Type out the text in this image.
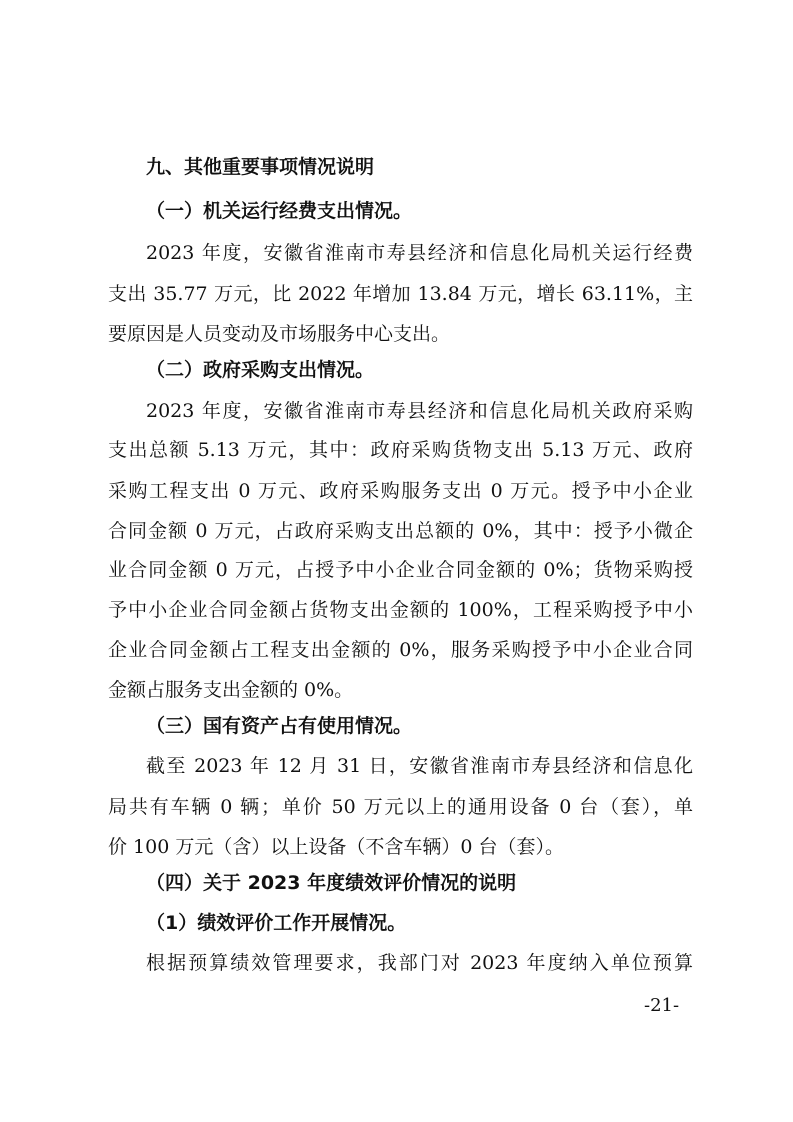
九、其他重要事项情况说明
（一）机关运行经费支出情况。
2023 年度，安徽省淮南市寿县经济和信息化局机关运行经费
支出 35.77 万元，比 2022 年增加 13.84 万元，增长 63.11%，主
要原因是人员变动及市场服务中心支出。
（二）政府采购支出情况。
2023 年度，安徽省淮南市寿县经济和信息化局机关政府采购
支出总额 5.13 万元，其中：政府采购货物支出 5.13 万元、政府
采购工程支出 0 万元、政府采购服务支出 0 万元。授予中小企业
合同金额 0 万元，占政府采购支出总额的 0%，其中：授予小微企
业合同金额 0 万元，占授予中小企业合同金额的 0%；货物采购授
予中小企业合同金额占货物支出金额的 100%，工程采购授予中小
企业合同金额占工程支出金额的 0%，服务采购授予中小企业合同
金额占服务支出金额的 0%。
（三）国有资产占有使用情况。
截至 2023 年 12 月 31 日，安徽省淮南市寿县经济和信息化
局共有车辆 0 辆；单价 50 万元以上的通用设备 0 台（套），单
价 100 万元（含）以上设备（不含车辆）0 台（套）。
（四）关于 2023 年度绩效评价情况的说明
（1）绩效评价工作开展情况。
根据预算绩效管理要求，我部门对 2023 年度纳入单位预算
-21-
